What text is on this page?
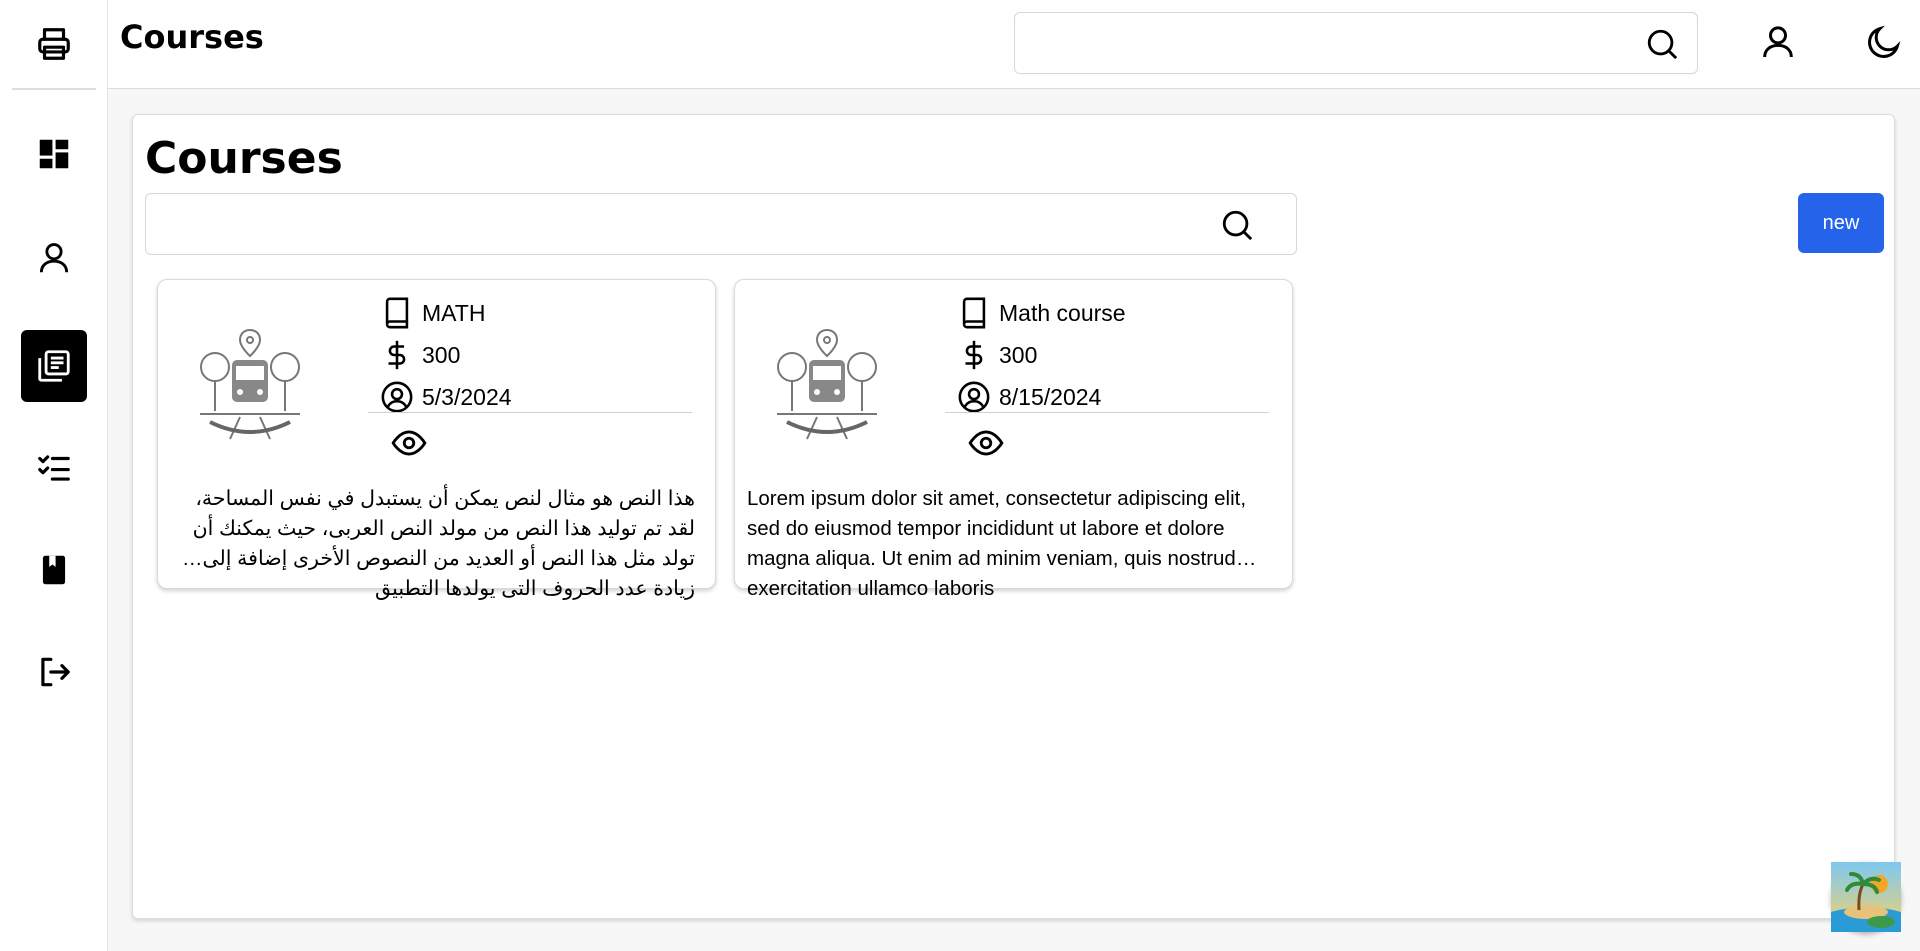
Courses
Courses
new
MATH
300
5/3/2024
هذا النص هو مثال لنص يمكن أن يستبدل في نفس المساحة، لقد تم توليد هذا النص من مولد النص العربى، حيث يمكنك أن تولد مثل هذا النص أو العديد من النصوص الأخرى إضافة إلى زيادة عدد الحروف التى يولدها التطبيق
Math course
300
8/15/2024
Lorem ipsum dolor sit amet, consectetur adipiscing elit, sed do eiusmod tempor incididunt ut labore et dolore magna aliqua. Ut enim ad minim veniam, quis nostrud exercitation ullamco laboris
